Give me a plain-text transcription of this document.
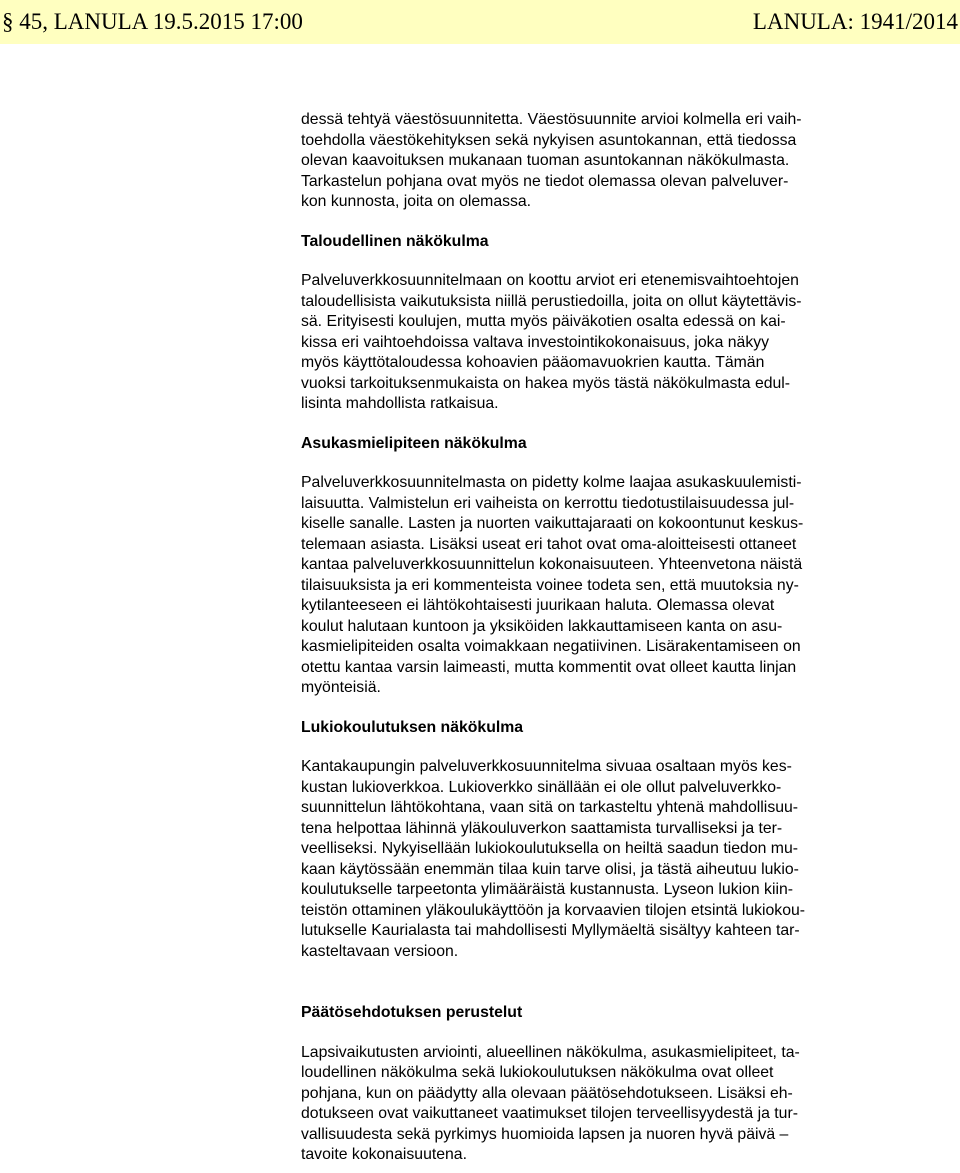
§ 45, LANULA 19.5.2015 17:00	LANULA: 1941/2014
dessä tehtyä väestösuunnitetta. Väestösuunnite arvioi kolmella eri vaih-
toehdolla väestökehityksen sekä nykyisen asuntokannan, että tiedossa
olevan kaavoituksen mukanaan tuoman asuntokannan näkökulmasta.
Tarkastelun pohjana ovat myös ne tiedot olemassa olevan palveluver-
kon kunnosta, joita on olemassa.
Taloudellinen näkökulma
Palveluverkkosuunnitelmaan on koottu arviot eri etenemisvaihtoehtojen
taloudellisista vaikutuksista niillä perustiedoilla, joita on ollut käytettävis-
sä. Erityisesti koulujen, mutta myös päiväkotien osalta edessä on kai-
kissa eri vaihtoehdoissa valtava investointikokonaisuus, joka näkyy
myös käyttötaloudessa kohoavien pääomavuokrien kautta. Tämän
vuoksi tarkoituksenmukaista on hakea myös tästä näkökulmasta edul-
lisinta mahdollista ratkaisua.
Asukasmielipiteen näkökulma
Palveluverkkosuunnitelmasta on pidetty kolme laajaa asukaskuulemisti-
laisuutta. Valmistelun eri vaiheista on kerrottu tiedotustilaisuudessa jul-
kiselle sanalle. Lasten ja nuorten vaikuttajaraati on kokoontunut keskus-
telemaan asiasta. Lisäksi useat eri tahot ovat oma-aloitteisesti ottaneet
kantaa palveluverkkosuunnittelun kokonaisuuteen. Yhteenvetona näistä
tilaisuuksista ja eri kommenteista voinee todeta sen, että muutoksia ny-
kytilanteeseen ei lähtökohtaisesti juurikaan haluta. Olemassa olevat
koulut halutaan kuntoon ja yksiköiden lakkauttamiseen kanta on asu-
kasmielipiteiden osalta voimakkaan negatiivinen. Lisärakentamiseen on
otettu kantaa varsin laimeasti, mutta kommentit ovat olleet kautta linjan
myönteisiä.
Lukiokoulutuksen näkökulma
Kantakaupungin palveluverkkosuunnitelma sivuaa osaltaan myös kes-
kustan lukioverkkoa. Lukioverkko sinällään ei ole ollut palveluverkko-
suunnittelun lähtökohtana, vaan sitä on tarkasteltu yhtenä mahdollisuu-
tena helpottaa lähinnä yläkouluverkon saattamista turvalliseksi ja ter-
veelliseksi. Nykyisellään lukiokoulutuksella on heiltä saadun tiedon mu-
kaan käytössään enemmän tilaa kuin tarve olisi, ja tästä aiheutuu lukio-
koulutukselle tarpeetonta ylimääräistä kustannusta. Lyseon lukion kiin-
teistön ottaminen yläkoulukäyttöön ja korvaavien tilojen etsintä lukiokou-
lutukselle Kaurialasta tai mahdollisesti Myllymäeltä sisältyy kahteen tar-
kasteltavaan versioon.
Päätösehdotuksen perustelut
Lapsivaikutusten arviointi, alueellinen näkökulma, asukasmielipiteet, ta-
loudellinen näkökulma sekä lukiokoulutuksen näkökulma ovat olleet
pohjana, kun on päädytty alla olevaan päätösehdotukseen. Lisäksi eh-
dotukseen ovat vaikuttaneet vaatimukset tilojen terveellisyydestä ja tur-
vallisuudesta sekä pyrkimys huomioida lapsen ja nuoren hyvä päivä –
tavoite kokonaisuutena.
